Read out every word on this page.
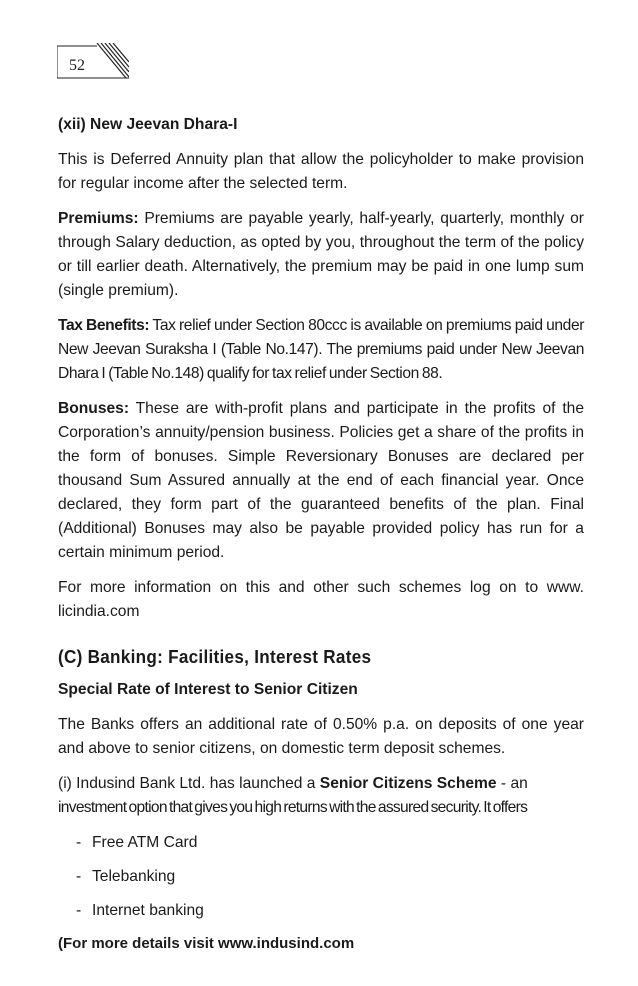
52

(xii) New Jeevan Dhara-I

This is Deferred Annuity plan that allow the policyholder to make provision for regular income after the selected term.

Premiums: Premiums are payable yearly, half-yearly, quarterly, monthly or through Salary deduction, as opted by you, throughout the term of the policy or till earlier death. Alternatively, the premium may be paid in one lump sum (single premium).

Tax Benefits: Tax relief under Section 80ccc is available on premiums paid under New Jeevan Suraksha I (Table No.147). The premiums paid under New Jeevan Dhara I (Table No.148) qualify for tax relief under Section 88.

Bonuses: These are with-profit plans and participate in the profits of the Corporation’s annuity/pension business. Policies get a share of the profits in the form of bonuses. Simple Reversionary Bonuses are declared per thousand Sum Assured annually at the end of each financial year. Once declared, they form part of the guaranteed benefits of the plan. Final (Additional) Bonuses may also be payable provided policy has run for a certain minimum period.

For more information on this and other such schemes log on to www. licindia.com

(C) Banking: Facilities, Interest Rates

Special Rate of Interest to Senior Citizen

The Banks offers an additional rate of 0.50% p.a. on deposits of one year and above to senior citizens, on domestic term deposit schemes.

(i) Indusind Bank Ltd. has launched a Senior Citizens Scheme - an

investment option that gives you high returns with the assured security. It offers

- Free ATM Card
- Telebanking
- Internet banking

(For more details visit www.indusind.com
